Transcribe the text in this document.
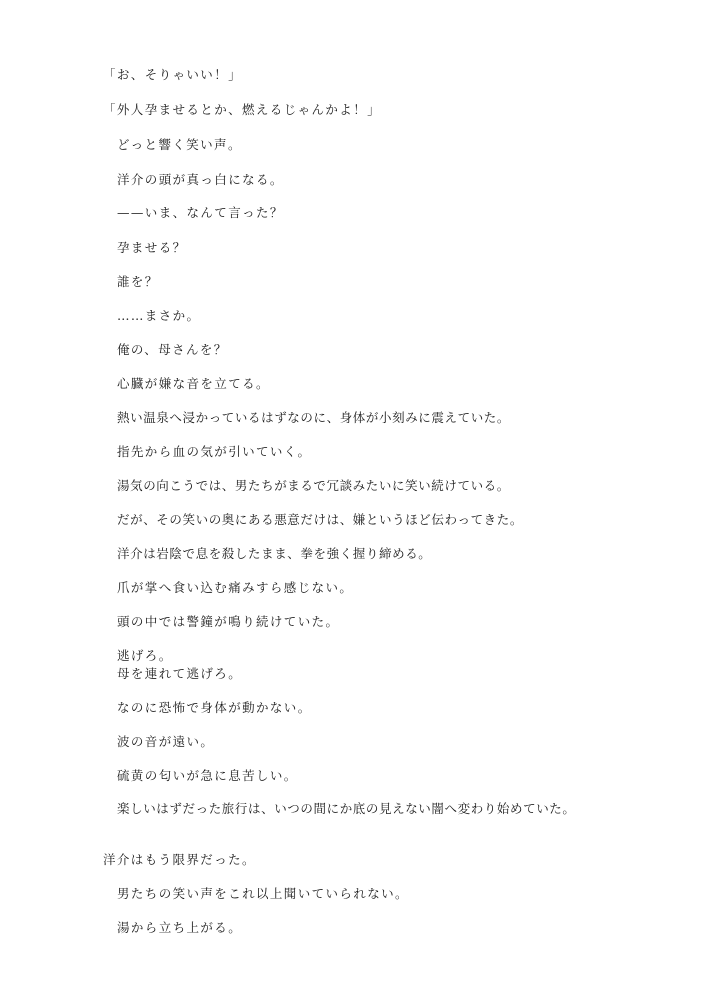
「お、そりゃいい！」
「外人孕ませるとか、燃えるじゃんかよ！」
どっと響く笑い声。
洋介の頭が真っ白になる。
——いま、なんて言った？
孕ませる？
誰を？
……まさか。
俺の、母さんを？
心臓が嫌な音を立てる。
熱い温泉へ浸かっているはずなのに、身体が小刻みに震えていた。
指先から血の気が引いていく。
湯気の向こうでは、男たちがまるで冗談みたいに笑い続けている。
だが、その笑いの奥にある悪意だけは、嫌というほど伝わってきた。
洋介は岩陰で息を殺したまま、拳を強く握り締める。
爪が掌へ食い込む痛みすら感じない。
頭の中では警鐘が鳴り続けていた。
逃げろ。
母を連れて逃げろ。
なのに恐怖で身体が動かない。
波の音が遠い。
硫黄の匂いが急に息苦しい。
楽しいはずだった旅行は、いつの間にか底の見えない闇へ変わり始めていた。
洋介はもう限界だった。
男たちの笑い声をこれ以上聞いていられない。
湯から立ち上がる。
